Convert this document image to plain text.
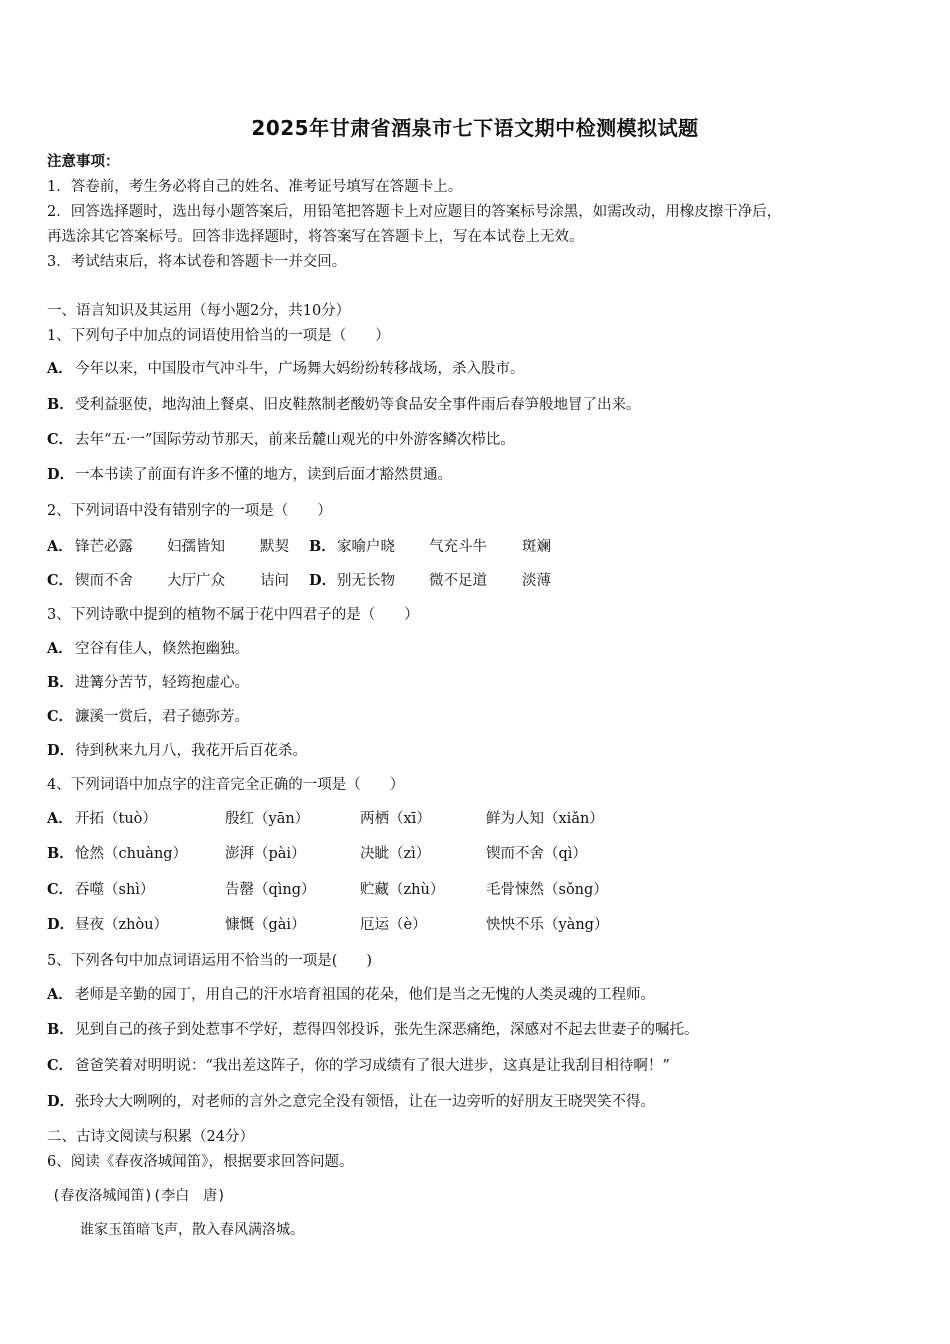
2025年甘肃省酒泉市七下语文期中检测模拟试题
注意事项：
1．答卷前，考生务必将自己的姓名、准考证号填写在答题卡上。
2．回答选择题时，选出每小题答案后，用铅笔把答题卡上对应题目的答案标号涂黑，如需改动，用橡皮擦干净后，
再选涂其它答案标号。回答非选择题时，将答案写在答题卡上，写在本试卷上无效。
3．考试结束后，将本试卷和答题卡一并交回。
一、语言知识及其运用（每小题2分，共10分）
1、下列句子中加点的词语使用恰当的一项是（　　）
A． 今年以来，中国股市气冲斗牛，广场舞大妈纷纷转移战场，杀入股市。
B．受利益驱使，地沟油上餐桌、旧皮鞋熬制老酸奶等食品安全事件雨后春笋般地冒了出来。
C． 去年“五·一”国际劳动节那天，前来岳麓山观光的中外游客鳞次栉比。
D．一本书读了前面有许多不懂的地方，读到后面才豁然贯通。
2、下列词语中没有错别字的一项是（　　）
A． 锋芒必露 妇孺皆知 默契 B． 家喻户晓 气充斗牛 斑斓
C． 锲而不舍 大厅广众 诘问 D． 别无长物 微不足道 淡薄
3、下列诗歌中提到的植物不属于花中四君子的是（　　）
A． 空谷有佳人，倏然抱幽独。
B．进篝分苦节，轻筠抱虚心。
C． 濂溪一赏后，君子德弥芳。
D．待到秋来九月八，我花开后百花杀。
4、下列词语中加点字的注音完全正确的一项是（　　）
A． 开拓（tuò）	殷红（yān）	两栖（xī）	鲜为人知（xiǎn）
B． 怆然（chuàng）	澎湃（pài）	决眦（zì）	锲而不舍（qì）
C． 吞噬（shì）	告罄（qìng）	贮藏（zhù）	毛骨悚然（sǒng）
D． 昼夜（zhòu）	慷慨（gài）	厄运（è）	怏怏不乐（yàng）
5、下列各句中加点词语运用不恰当的一项是(　　)
A． 老师是辛勤的园丁，用自己的汗水培育祖国的花朵，他们是当之无愧的人类灵魂的工程师。
B．见到自己的孩子到处惹事不学好，惹得四邻投诉，张先生深恶痛绝，深感对不起去世妻子的嘱托。
C． 爸爸笑着对明明说：“我出差这阵子，你的学习成绩有了很大进步，这真是让我刮目相待啊！”
D．张玲大大咧咧的，对老师的言外之意完全没有领悟，让在一边旁听的好朋友王晓哭笑不得。
二、古诗文阅读与积累（24分）
6、阅读《春夜洛城闻笛》，根据要求回答问题。
(春夜洛城闻笛)(李白　唐)
谁家玉笛暗飞声，散入春风满洛城。
